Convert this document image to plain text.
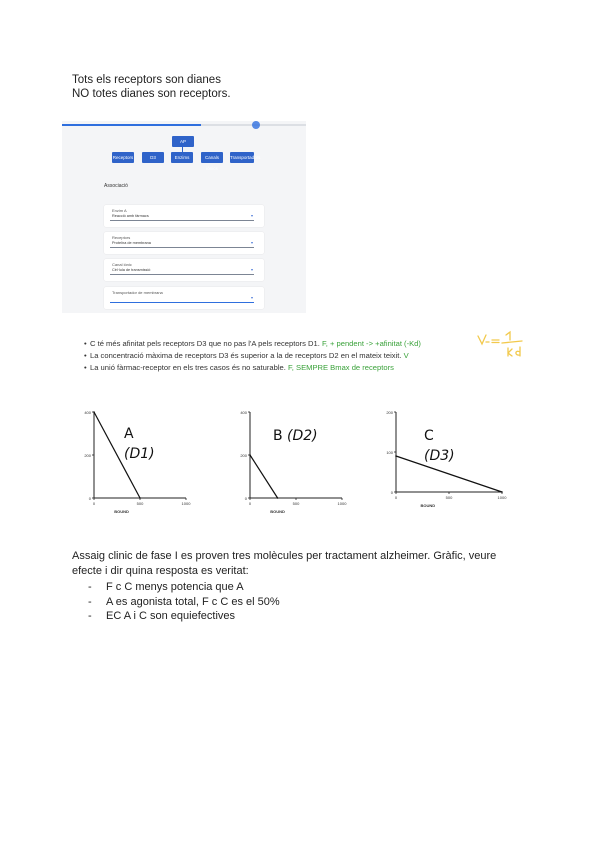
Tots els receptors son dianes
NO totes dianes son receptors.
AP
Receptors	D3	Enzims	Canals iònics
Transportadors
Associació
Enzim A
Reacció amb fàrmacs	▾
Receptors
Proteïna de membrana	▾
Canal iònic
Cèl·lula de transmissió	▾
Transportador de membrana
▾
• C té més afinitat pels receptors D3 que no pas l'A pels receptors D1. F, + pendent -> +afinitat (-Kd)
• La concentració màxima de receptors D3 és superior a la de receptors D2 en el mateix teixit. V
• La unió fàrmac-receptor en els tres casos és no saturable. F, SEMPRE Bmax de receptors
400
200
0
0	500	1000
BOUND
A
(D1)
400
200
0
0	500	1000
BOUND
B (D2)
200
100
0
0	500	1000
BOUND
C
(D3)
Assaig clinic de fase I es proven tres molècules per tractament alzheimer. Gràfic, veure
efecte i dir quina resposta es veritat:
- F c C menys potencia que A
- A es agonista total, F c C es el 50%
- EC A i C son equiefectives
